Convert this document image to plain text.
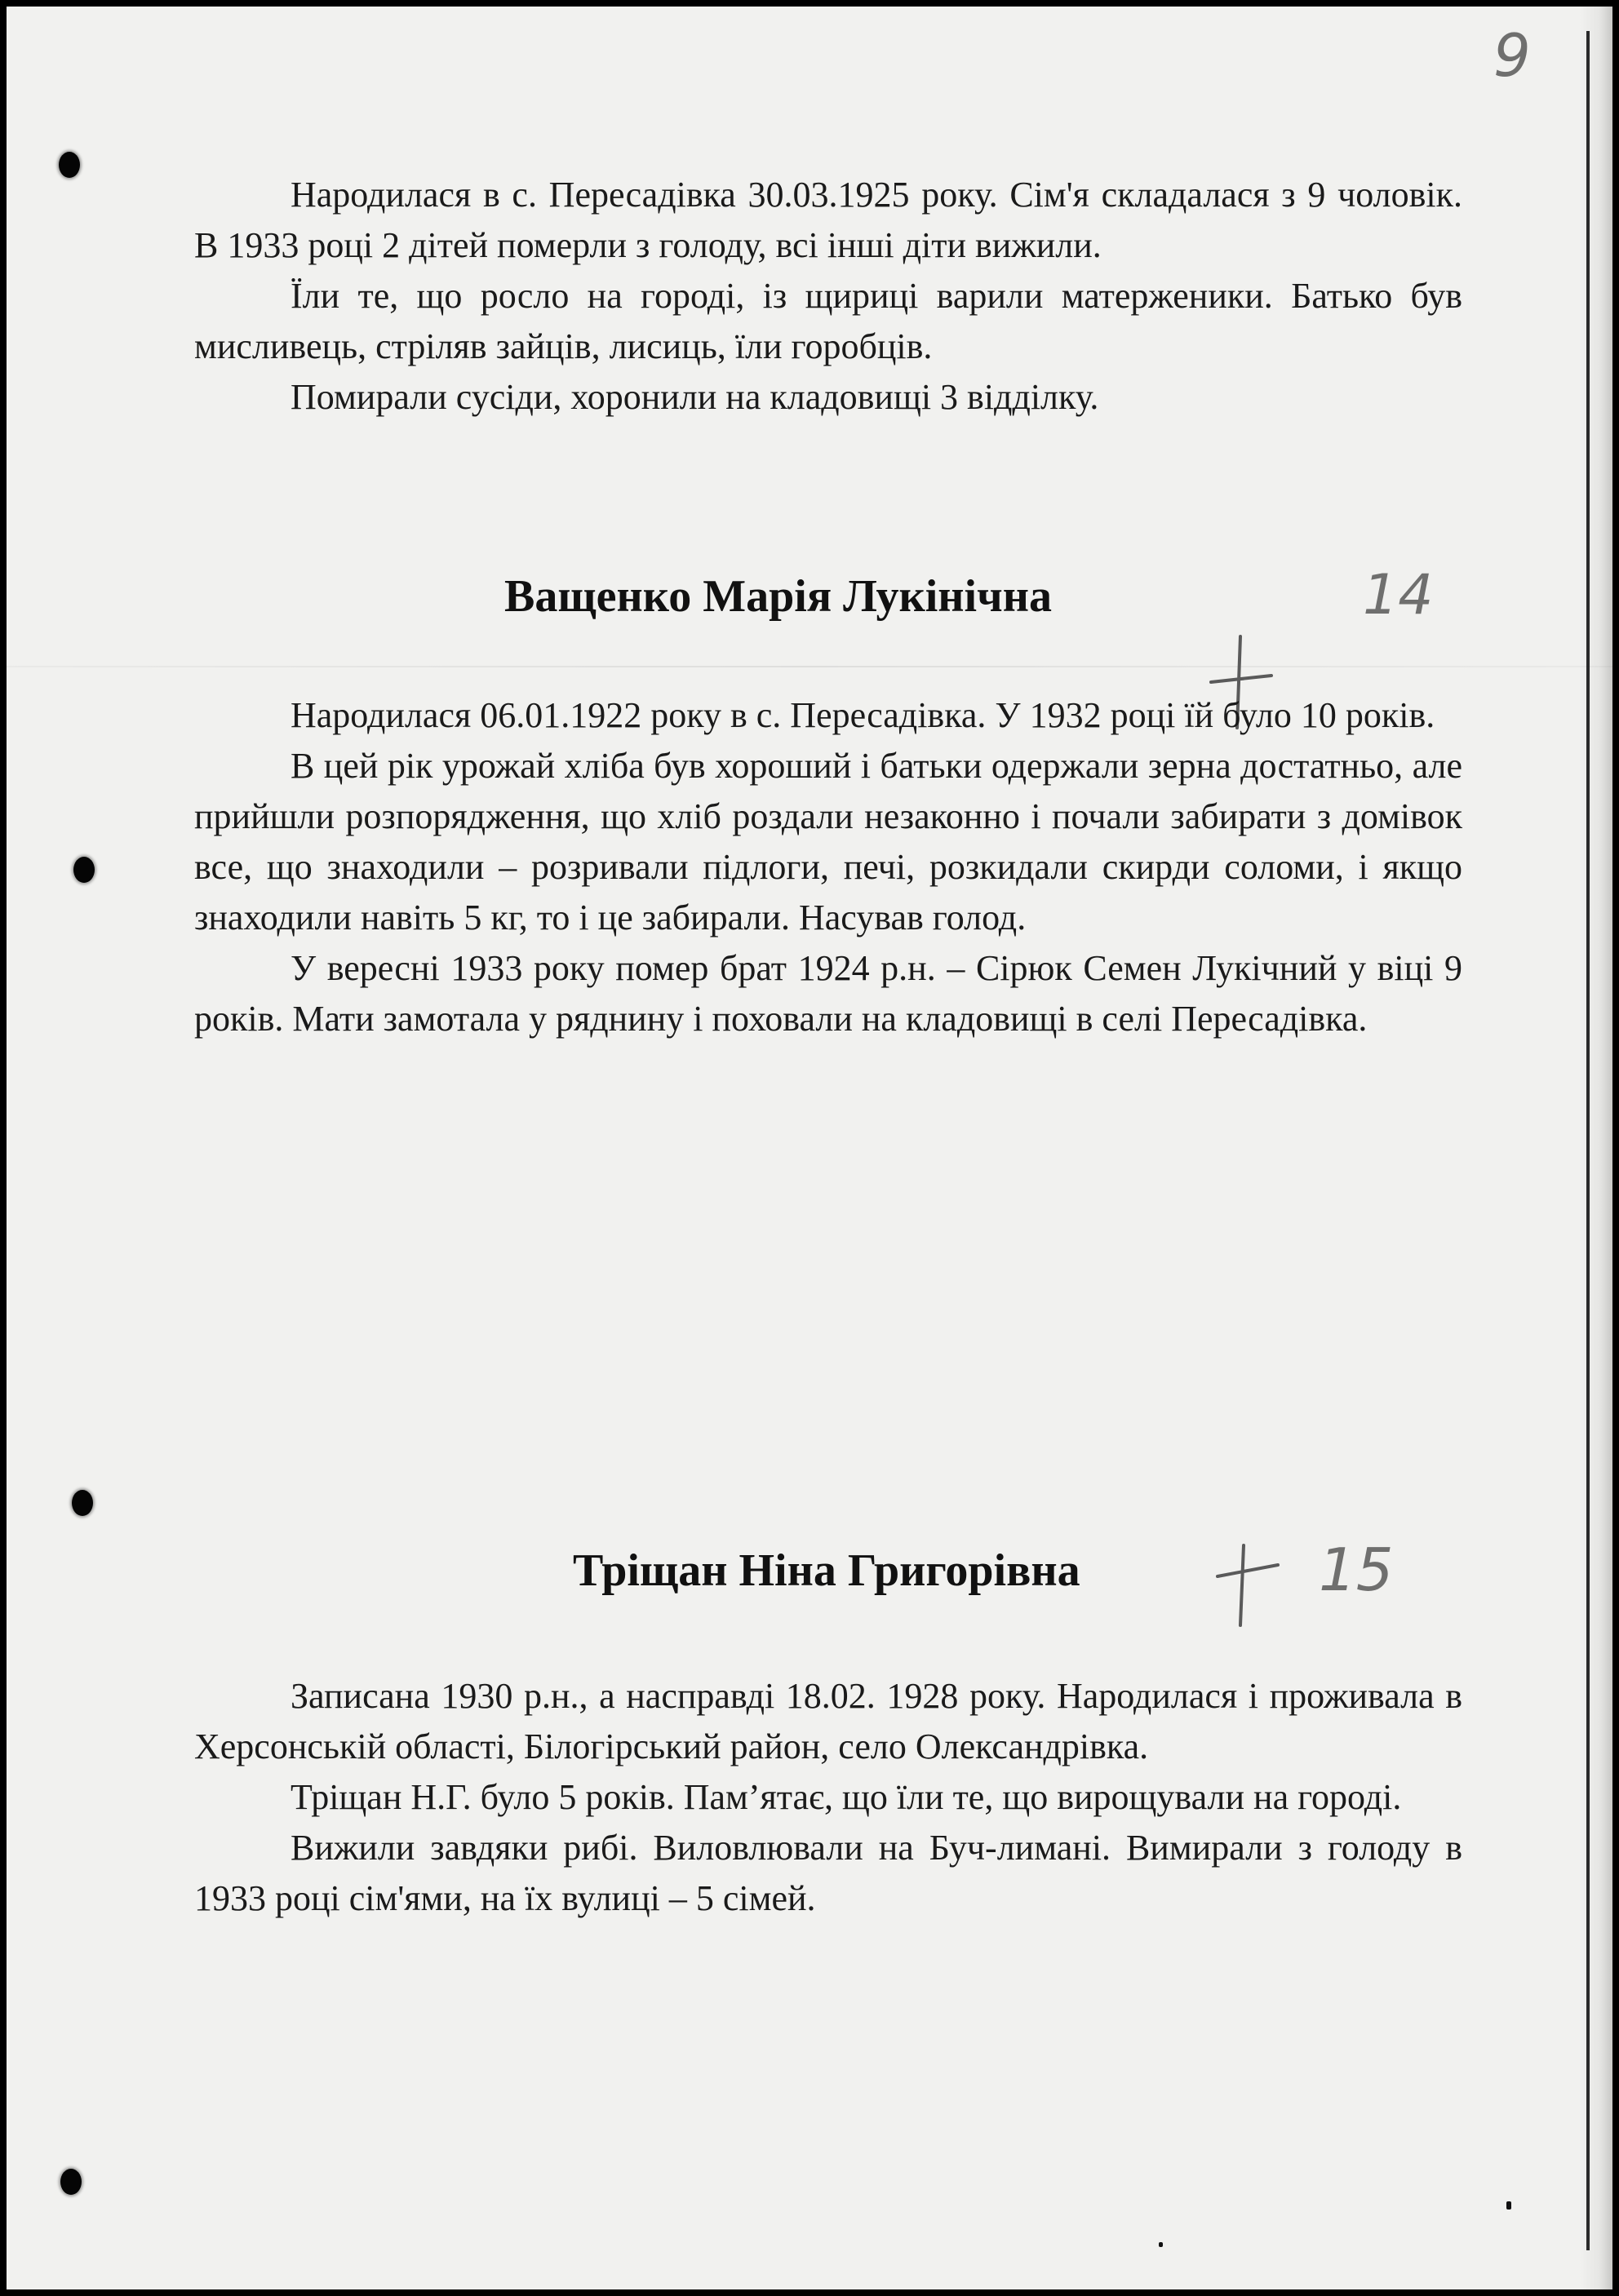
9

Народилася в с. Пересадівка 30.03.1925 року. Сім'я складалася з 9 чоловік. В 1933 році 2 дітей померли з голоду, всі інші діти вижили.

Їли те, що росло на городі, із щириці варили матерженики. Батько був мисливець, стріляв зайців, лисиць, їли горобців.

Помирали сусіди, хоронили на кладовищі 3 відділку.

Ващенко Марія Лукінічна	14

Народилася 06.01.1922 року в с. Пересадівка. У 1932 році їй було 10 років.

В цей рік урожай хліба був хороший і батьки одержали зерна достатньо, але прийшли розпорядження, що хліб роздали незаконно і почали забирати з домівок все, що знаходили – розривали підлоги, печі, розкидали скирди соломи, і якщо знаходили навіть 5 кг, то і це забирали. Насував голод.

У вересні 1933 року помер брат 1924 р.н. – Сірюк Семен Лукічний у віці 9 років. Мати замотала у ряднину і поховали на кладовищі в селі Пересадівка.

Тріщан Ніна Григорівна	15

Записана 1930 р.н., а насправді 18.02. 1928 року. Народилася і проживала в Херсонській області, Білогірський район, село Олександрівка.

Тріщан Н.Г. було 5 років. Пам’ятає, що їли те, що вирощували на городі.

Вижили завдяки рибі. Виловлювали на Буч-лимані. Вимирали з голоду в 1933 році сім'ями, на їх вулиці – 5 сімей.
